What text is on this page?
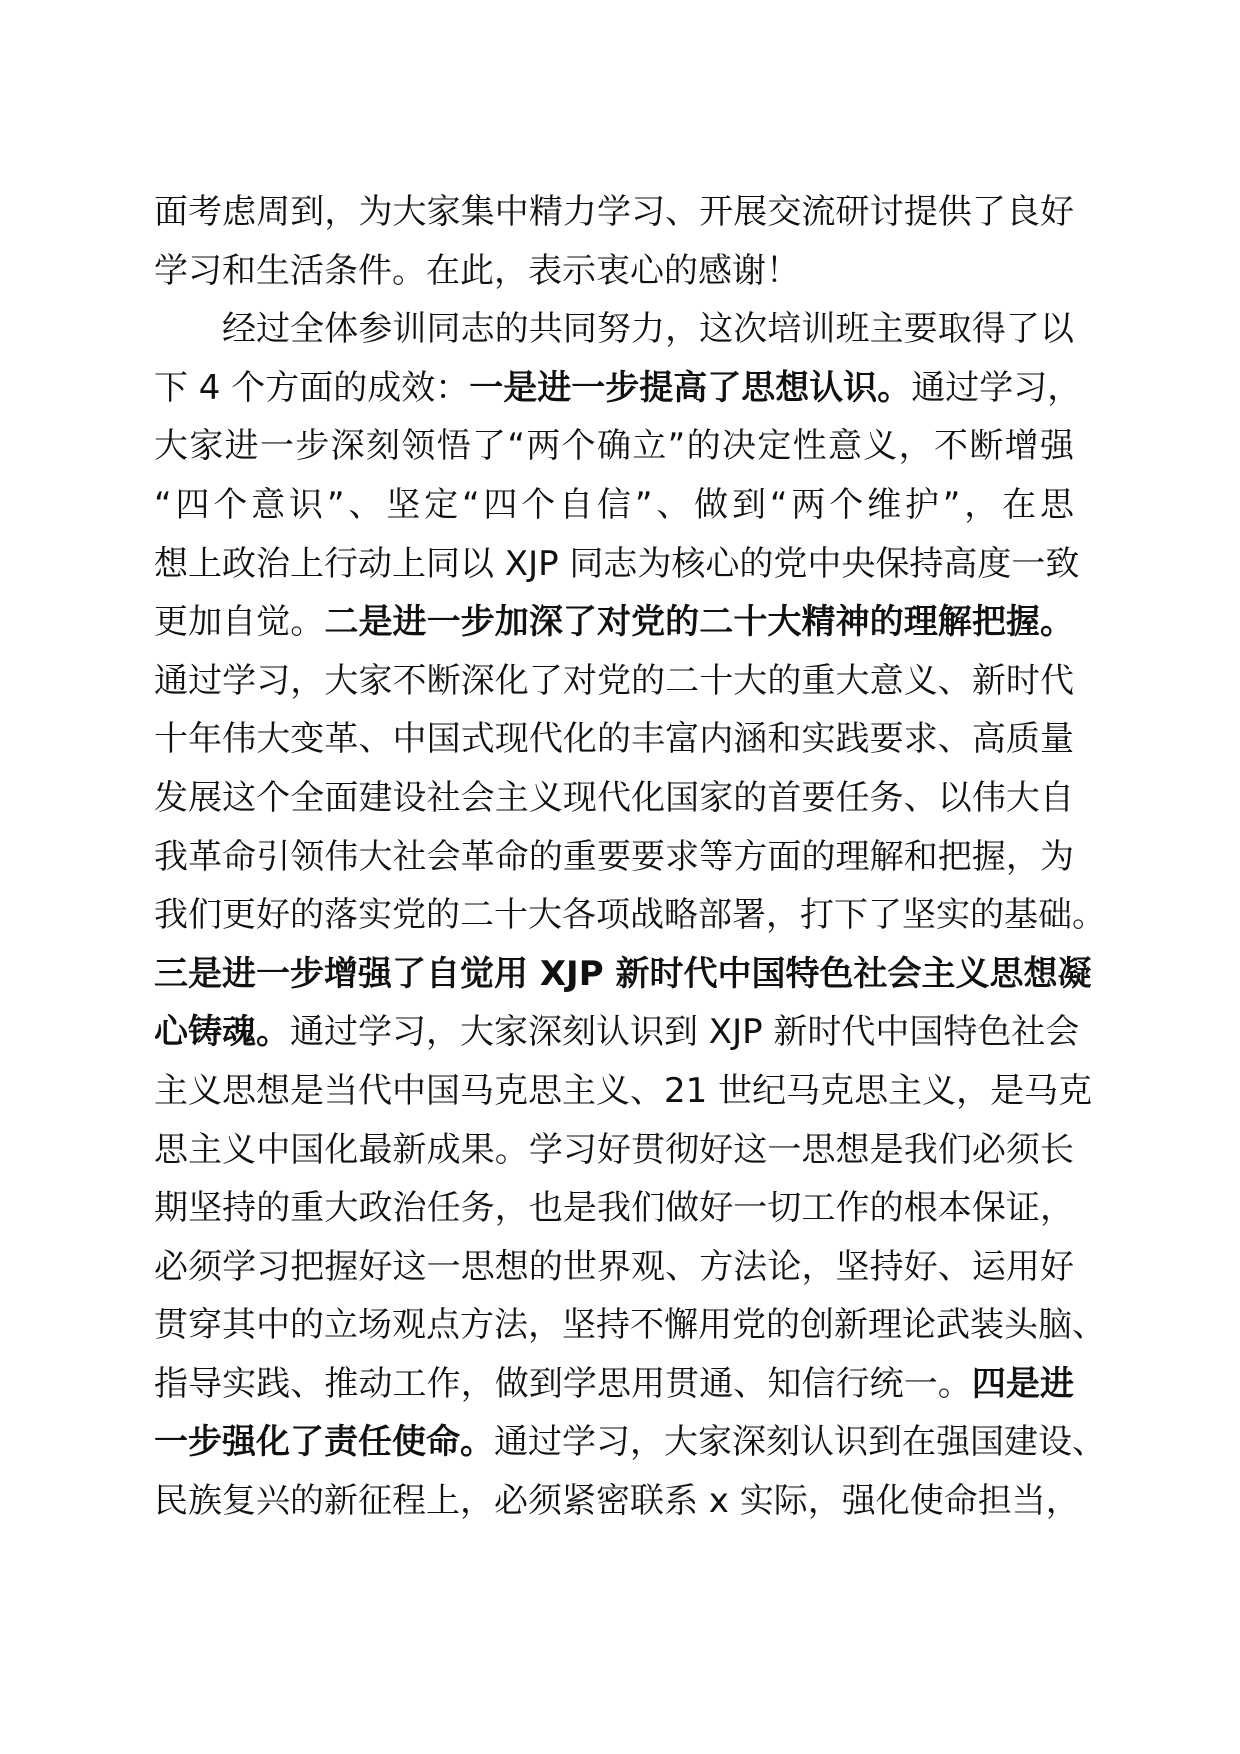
面考虑周到，为大家集中精力学习、开展交流研讨提供了良好
学习和生活条件。在此，表示衷心的感谢！
经过全体参训同志的共同努力，这次培训班主要取得了以
下 4 个方面的成效：一是进一步提高了思想认识。通过学习，
大家进一步深刻领悟了“两个确立”的决定性意义，不断增强
“四个意识”、坚定“四个自信”、做到“两个维护”，在思
想上政治上行动上同以 XJP 同志为核心的党中央保持高度一致
更加自觉。二是进一步加深了对党的二十大精神的理解把握。
通过学习，大家不断深化了对党的二十大的重大意义、新时代
十年伟大变革、中国式现代化的丰富内涵和实践要求、高质量
发展这个全面建设社会主义现代化国家的首要任务、以伟大自
我革命引领伟大社会革命的重要要求等方面的理解和把握，为
我们更好的落实党的二十大各项战略部署，打下了坚实的基础。
三是进一步增强了自觉用 XJP 新时代中国特色社会主义思想凝
心铸魂。通过学习，大家深刻认识到 XJP 新时代中国特色社会
主义思想是当代中国马克思主义、21 世纪马克思主义，是马克
思主义中国化最新成果。学习好贯彻好这一思想是我们必须长
期坚持的重大政治任务，也是我们做好一切工作的根本保证，
必须学习把握好这一思想的世界观、方法论，坚持好、运用好
贯穿其中的立场观点方法，坚持不懈用党的创新理论武装头脑、
指导实践、推动工作，做到学思用贯通、知信行统一。四是进
一步强化了责任使命。通过学习，大家深刻认识到在强国建设、
民族复兴的新征程上，必须紧密联系 x 实际，强化使命担当，
